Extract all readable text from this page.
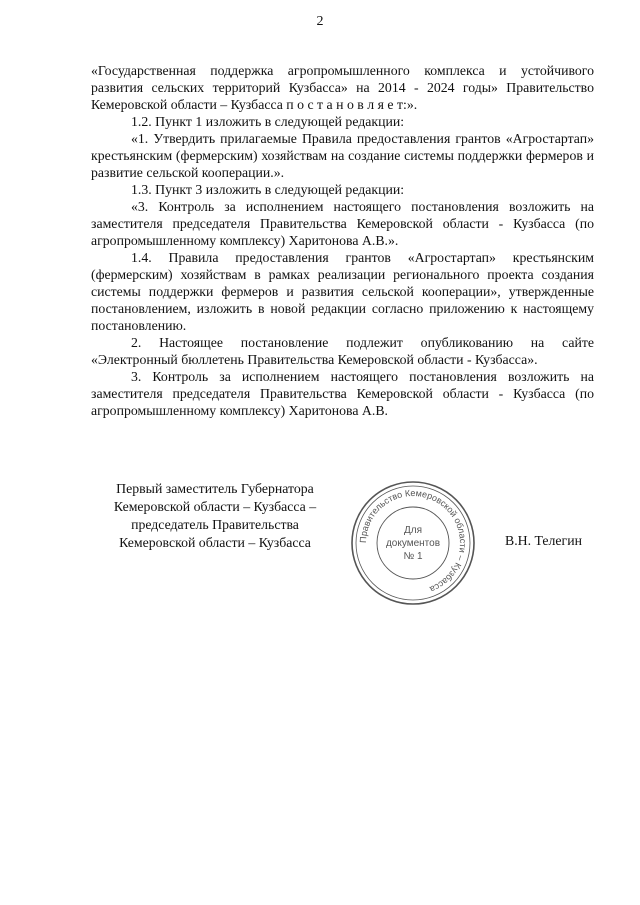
2

«Государственная поддержка агропромышленного комплекса и устойчивого развития сельских территорий Кузбасса» на 2014 - 2024 годы» Правительство Кемеровской области – Кузбасса п о с т а н о в л я е т:».

1.2. Пункт 1 изложить в следующей редакции:

«1. Утвердить прилагаемые Правила предоставления грантов «Агростартап» крестьянским (фермерским) хозяйствам на создание системы поддержки фермеров и развитие сельской кооперации.».

1.3. Пункт 3 изложить в следующей редакции:

«3. Контроль за исполнением настоящего постановления возложить на заместителя председателя Правительства Кемеровской области - Кузбасса (по агропромышленному комплексу) Харитонова А.В.».

1.4. Правила предоставления грантов «Агростартап» крестьянским (фермерским) хозяйствам в рамках реализации регионального проекта создания системы поддержки фермеров и развития сельской кооперации», утвержденные постановлением, изложить в новой редакции согласно приложению к настоящему постановлению.

2. Настоящее постановление подлежит опубликованию на сайте «Электронный бюллетень Правительства Кемеровской области - Кузбасса».

3. Контроль за исполнением настоящего постановления возложить на заместителя председателя Правительства Кемеровской области - Кузбасса (по агропромышленному комплексу) Харитонова А.В.

Первый заместитель Губернатора
Кемеровской области – Кузбасса –
председатель Правительства
Кемеровской области – Кузбасса	Правительство Кемеровской области – Кузбасса
Для
документов
№ 1
В.Н. Телегин
